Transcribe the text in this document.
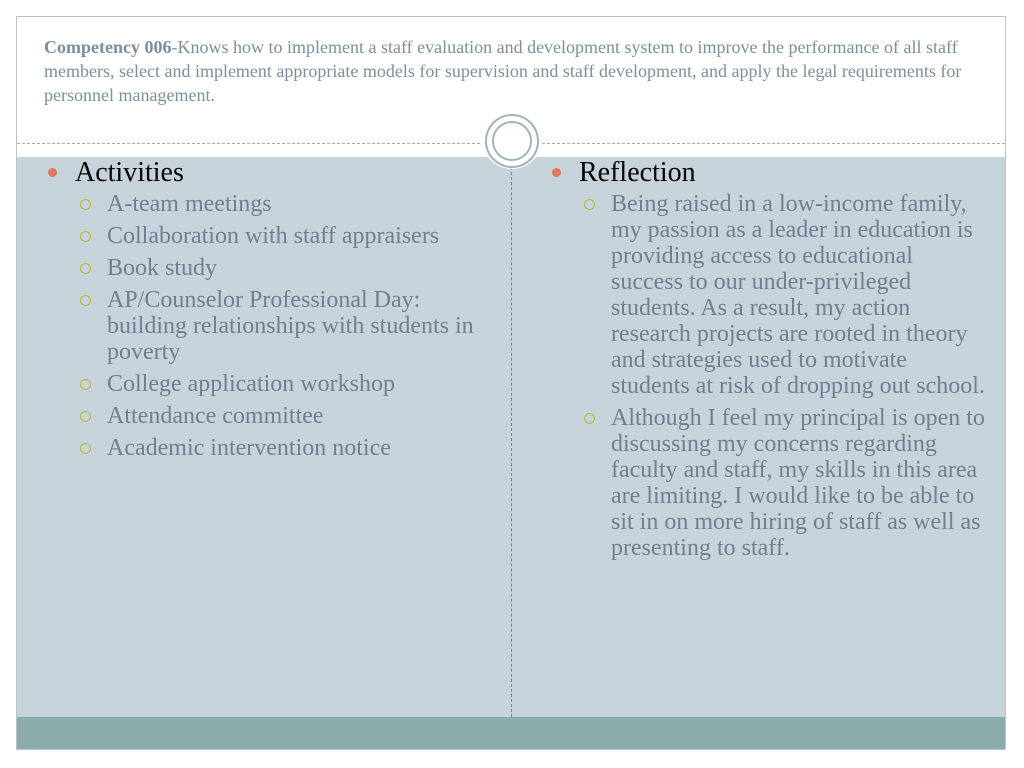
Competency 006-Knows how to implement a staff evaluation and development system to improve the performance of all staff members, select and implement appropriate models for supervision and staff development, and apply the legal requirements for personnel management.
Activities
A-team meetings
Collaboration with staff appraisers
Book study
AP/Counselor Professional Day: building relationships with students in poverty
College application workshop
Attendance committee
Academic intervention notice
Reflection
Being raised in a low-income family, my passion as a leader in education is providing access to educational success to our under-privileged students. As a result, my action research projects are rooted in theory and strategies used to motivate students at risk of dropping out school.
Although I feel my principal is open to discussing my concerns regarding faculty and staff, my skills in this area are limiting. I would like to be able to sit in on more hiring of staff as well as presenting to staff.
